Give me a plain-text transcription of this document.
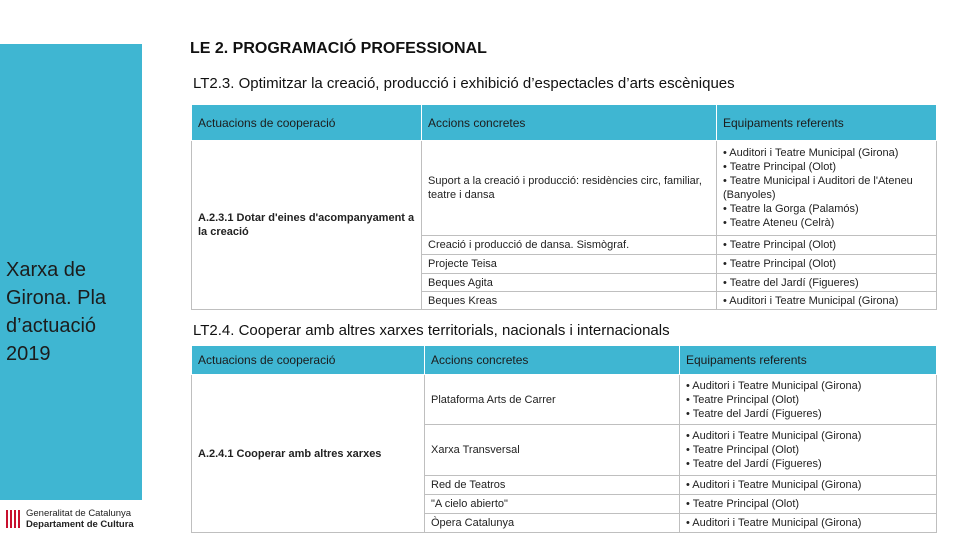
Xarxa de Girona. Pla d’actuació 2019
Generalitat de Catalunya
Departament de Cultura
LE 2. PROGRAMACIÓ PROFESSIONAL
LT2.3. Optimitzar la creació, producció i exhibició d’espectacles d’arts escèniques
Actuacions de cooperació	Accions concretes	Equipaments referents
A.2.3.1 Dotar d'eines d'acompanyament a la creació	Suport a la creació i producció: residències circ, familiar, teatre i dansa	• Auditori i Teatre Municipal (Girona)
• Teatre Principal (Olot)
• Teatre Municipal i Auditori de l'Ateneu (Banyoles)
• Teatre la Gorga (Palamós)
• Teatre Ateneu (Celrà)
	Creació i producció de dansa. Sismògraf.	• Teatre Principal (Olot)
	Projecte Teisa	• Teatre Principal (Olot)
	Beques Agita	• Teatre del Jardí (Figueres)
	Beques Kreas	• Auditori i Teatre Municipal (Girona)
LT2.4. Cooperar amb altres xarxes territorials, nacionals i internacionals
Actuacions de cooperació	Accions concretes	Equipaments referents
A.2.4.1 Cooperar amb altres xarxes	Plataforma Arts de Carrer	• Auditori i Teatre Municipal (Girona)
• Teatre Principal (Olot)
• Teatre del Jardí (Figueres)
	Xarxa Transversal	• Auditori i Teatre Municipal (Girona)
• Teatre Principal (Olot)
• Teatre del Jardí (Figueres)
	Red de Teatros	• Auditori i Teatre Municipal (Girona)
	"A cielo abierto"	• Teatre Principal (Olot)
	Òpera Catalunya	• Auditori i Teatre Municipal (Girona)
